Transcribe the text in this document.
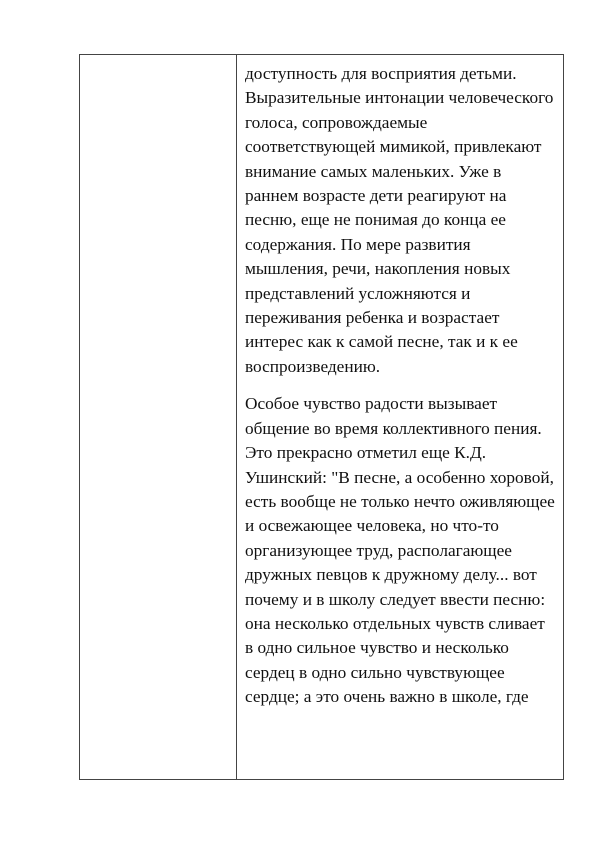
доступность для восприятия детьми. Выразительные интонации человеческого голоса, сопровождаемые соответствующей мимикой, привлекают внимание самых маленьких. Уже в раннем возрасте дети реагируют на песню, еще не понимая до конца ее содержания. По мере развития мышления, речи, накопления новых представлений усложняются и переживания ребенка и возрастает интерес как к самой песне, так и к ее воспроизведению.

Особое чувство радости вызывает общение во время коллективного пения. Это прекрасно отметил еще К.Д. Ушинский: "В песне, а особенно хоровой, есть вообще не только нечто оживляющее и освежающее человека, но что-то организующее труд, располагающее дружных певцов к дружному делу... вот почему и в школу следует ввести песню: она несколько отдельных чувств сливает в одно сильное чувство и несколько сердец в одно сильно чувствующее сердце; а это очень важно в школе, где
